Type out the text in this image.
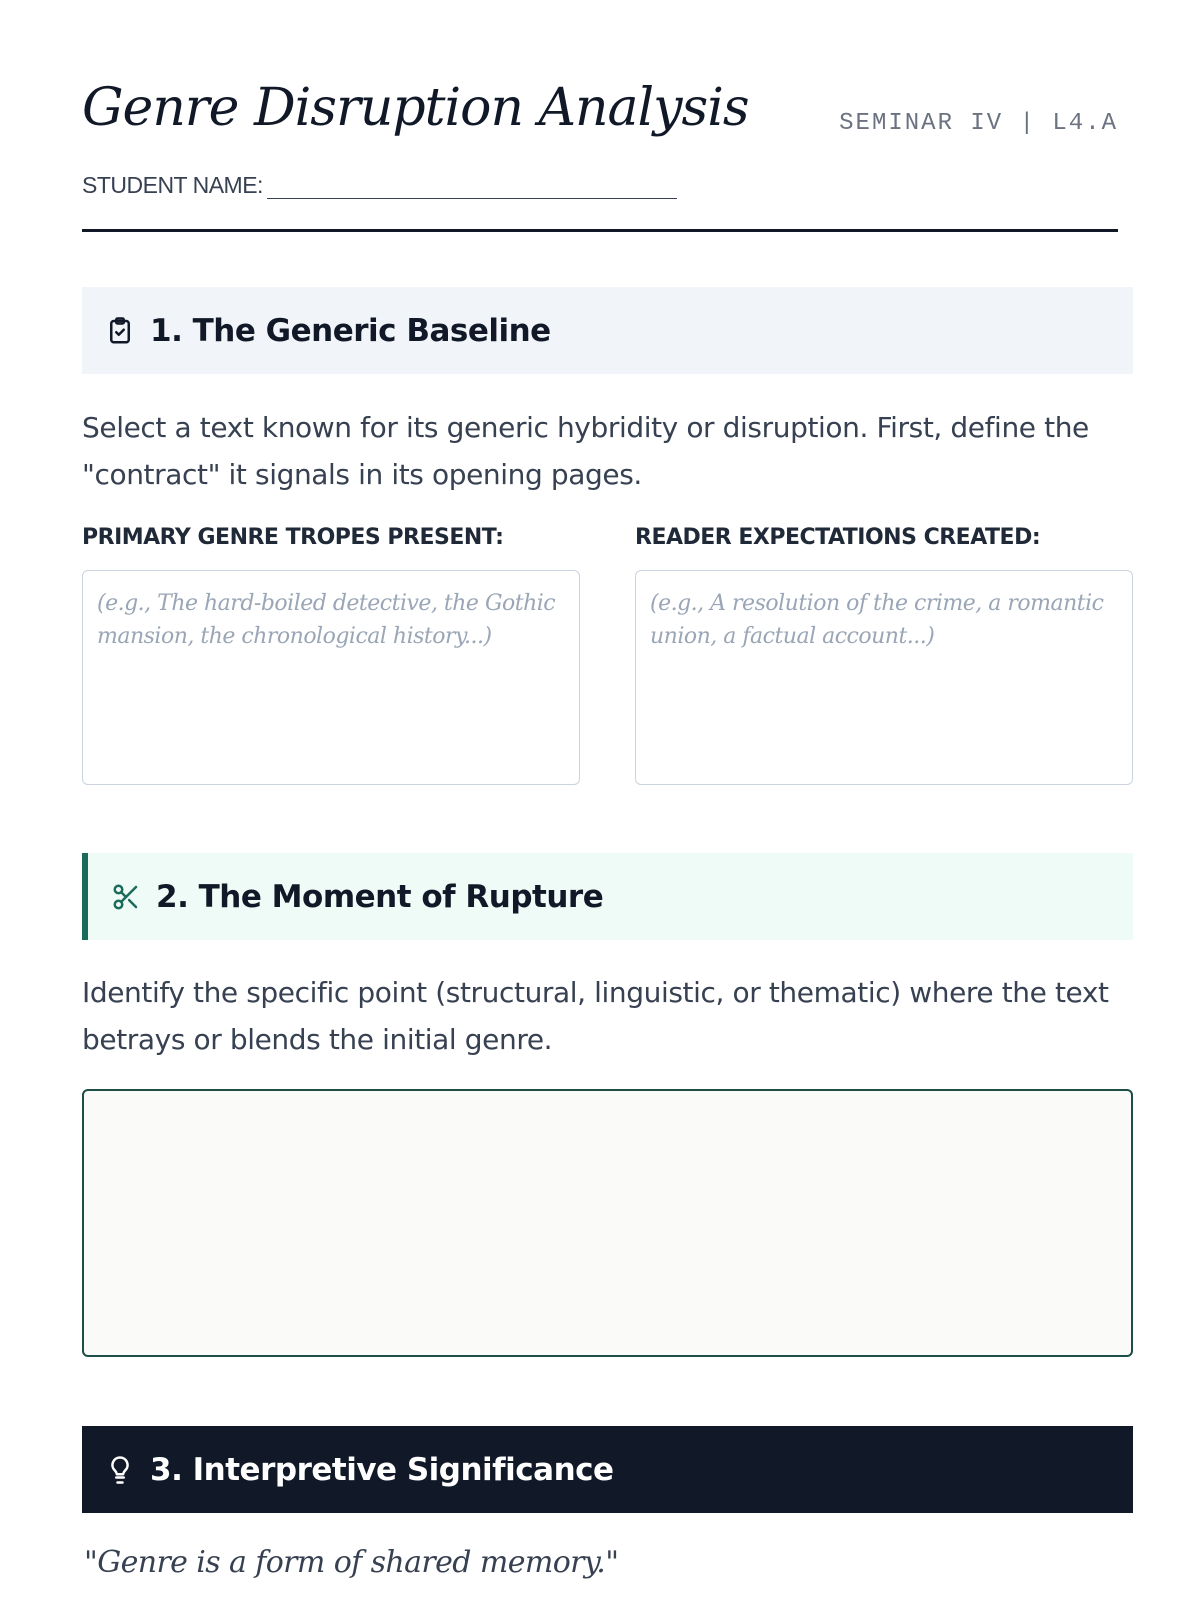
Genre Disruption Analysis	SEMINAR IV | L4.A
STUDENT NAME:
1. The Generic Baseline

Select a text known for its generic hybridity or disruption. First, define the "contract" it signals in its opening pages.

PRIMARY GENRE TROPES PRESENT:	READER EXPECTATIONS CREATED:
(e.g., The hard-boiled detective, the Gothic mansion, the chronological history...)
(e.g., A resolution of the crime, a romantic union, a factual account...)
2. The Moment of Rupture

Identify the specific point (structural, linguistic, or thematic) where the text betrays or blends the initial genre.

3. Interpretive Significance
"Genre is a form of shared memory."
